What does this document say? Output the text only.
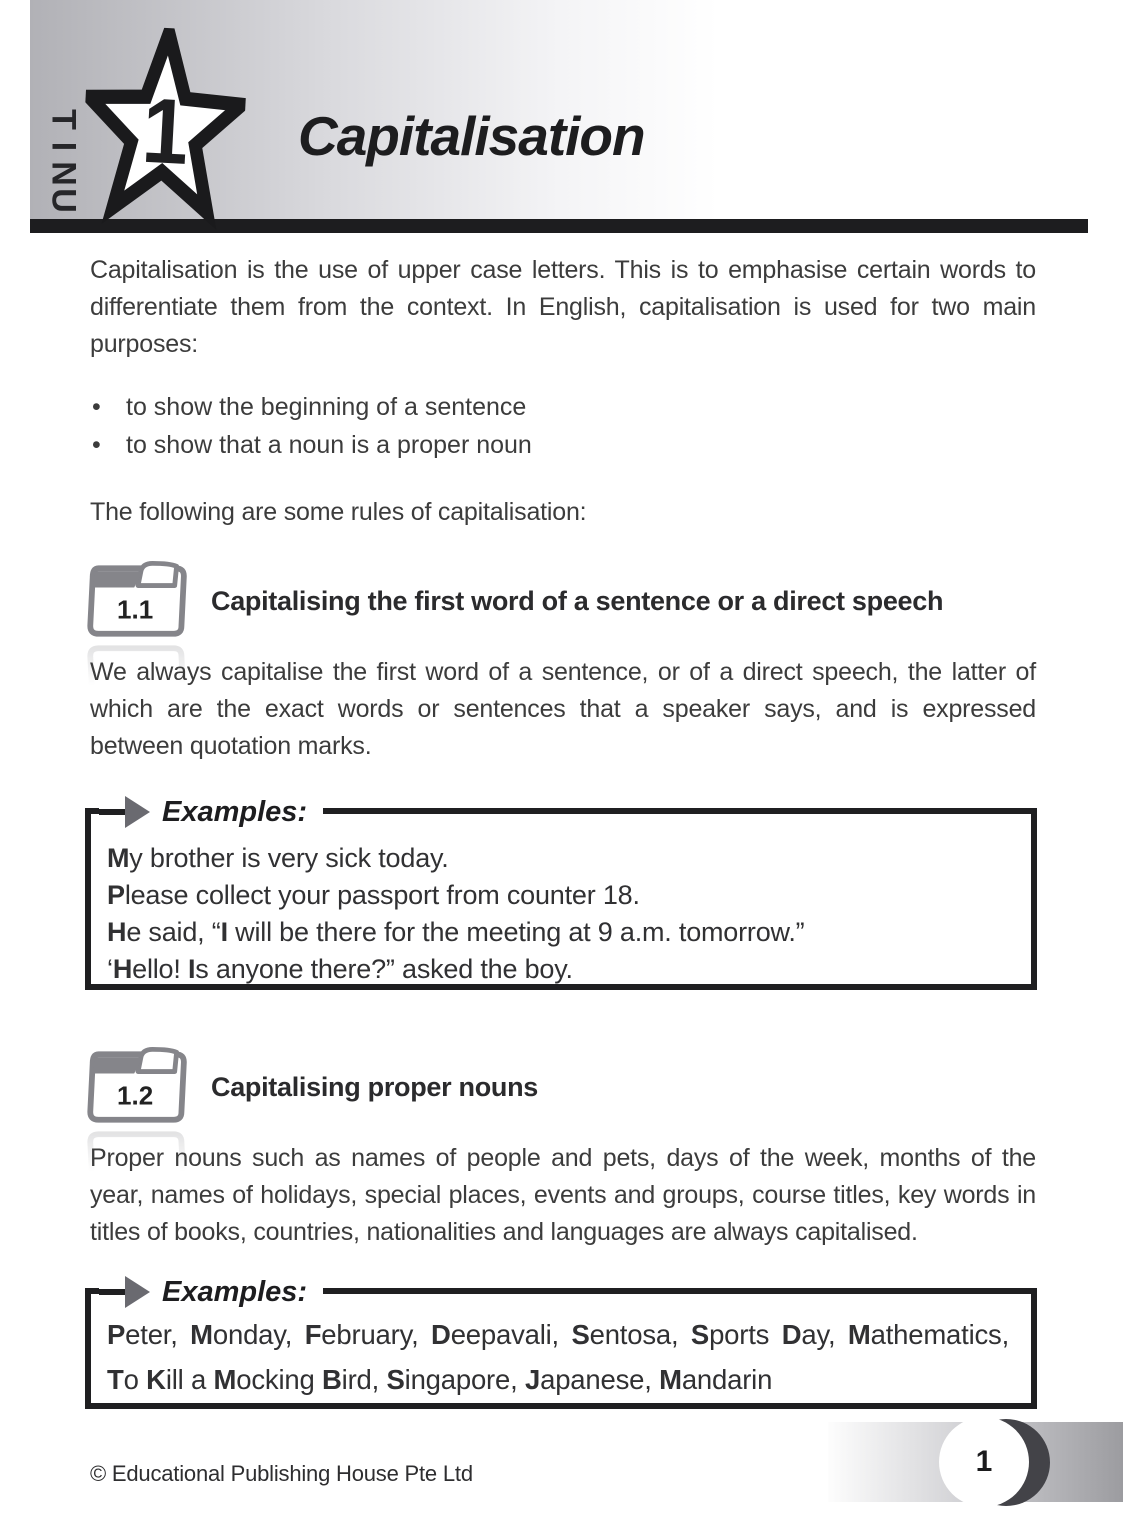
T
I
N
U
1 Capitalisation

Capitalisation is the use of upper case letters. This is to emphasise certain words to differentiate them from the context. In English, capitalisation is used for two main purposes:

•	to show the beginning of a sentence
•	to show that a noun is a proper noun

The following are some rules of capitalisation:

1.1 Capitalising the first word of a sentence or a direct speech

We always capitalise the first word of a sentence, or of a direct speech, the latter of which are the exact words or sentences that a speaker says, and is expressed between quotation marks.

Examples:

My brother is very sick today.

Please collect your passport from counter 18.

He said, “I will be there for the meeting at 9 a.m. tomorrow.”

‘Hello! Is anyone there?” asked the boy.

1.2 Capitalising proper nouns

Proper nouns such as names of people and pets, days of the week, months of the year, names of holidays, special places, events and groups, course titles, key words in titles of books, countries, nationalities and languages are always capitalised.

Examples:

Peter, Monday, February, Deepavali, Sentosa, Sports Day, Mathematics,

To Kill a Mocking Bird, Singapore, Japanese, Mandarin

1
© Educational Publishing House Pte Ltd
